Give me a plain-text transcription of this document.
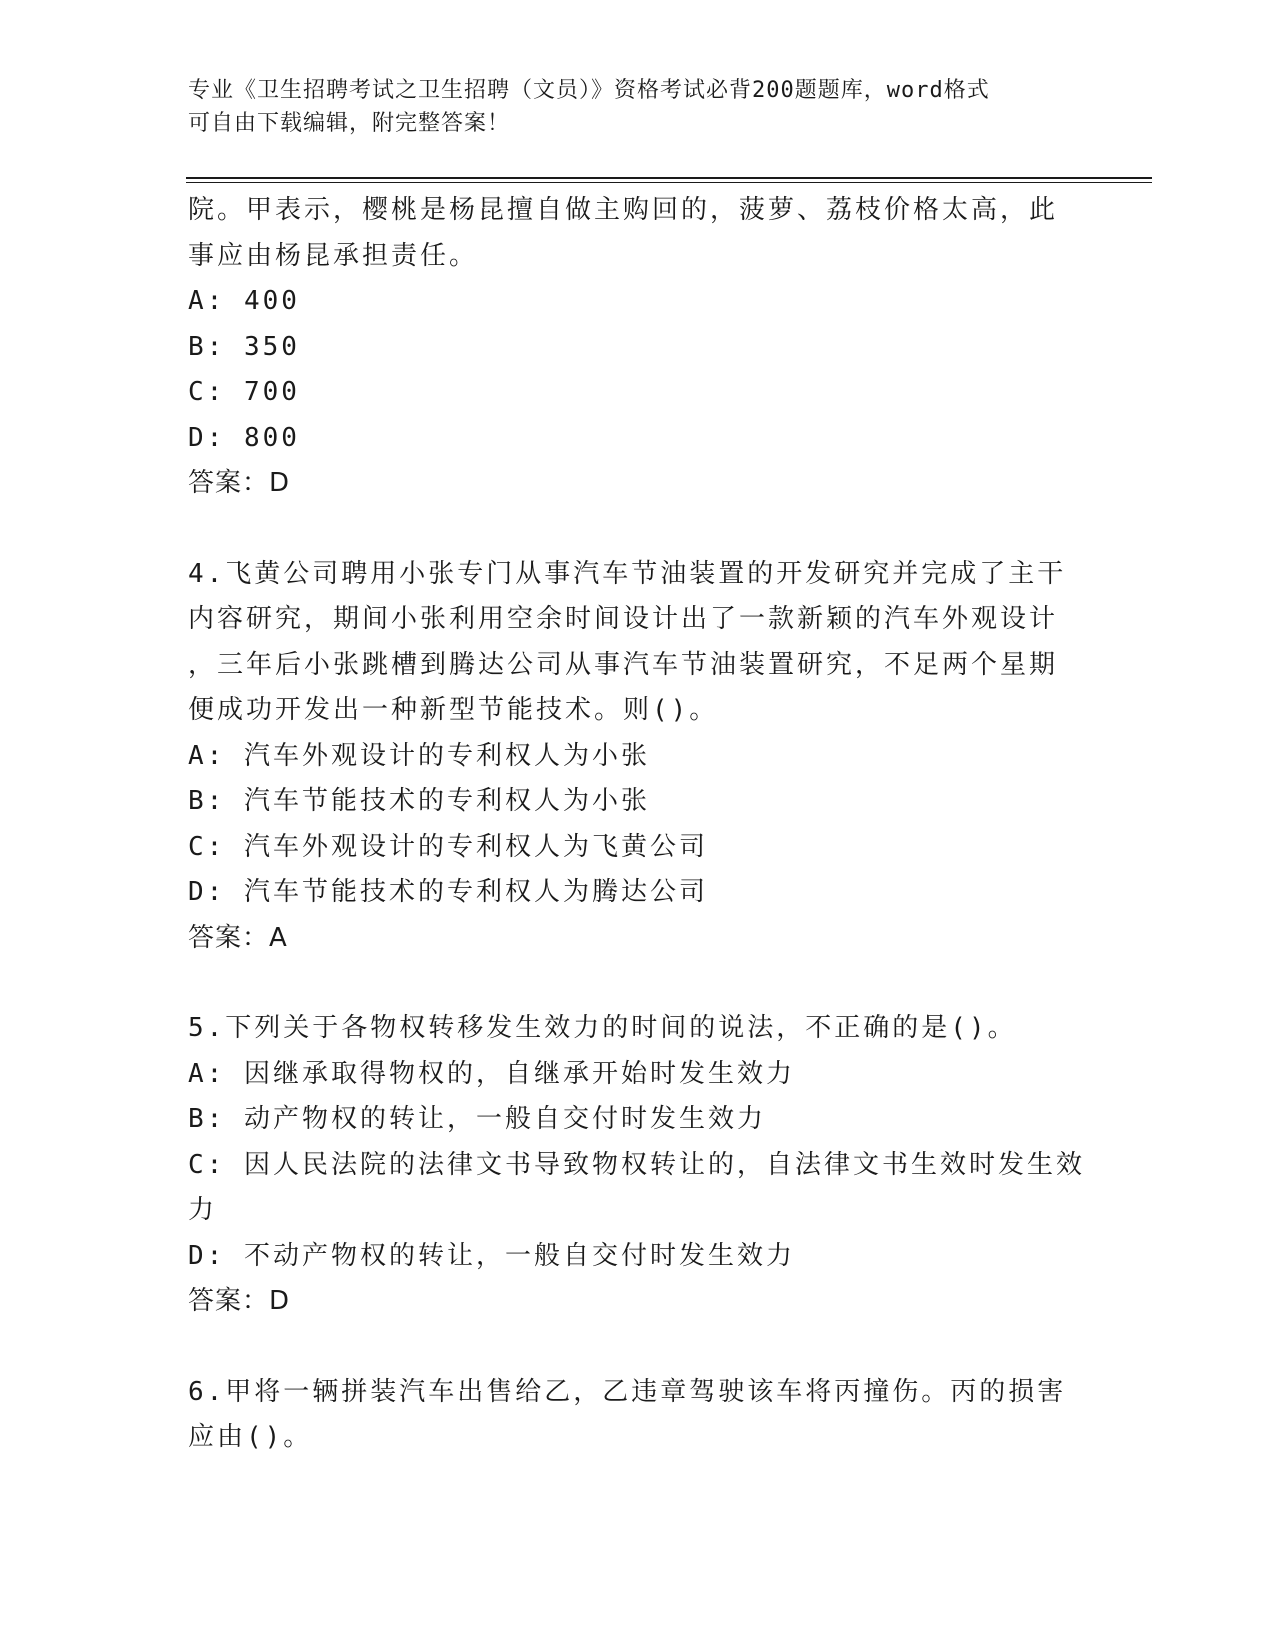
专业《卫生招聘考试之卫生招聘（文员）》资格考试必背200题题库，word格式
可自由下载编辑，附完整答案！
院。甲表示，樱桃是杨昆擅自做主购回的，菠萝、荔枝价格太高，此
事应由杨昆承担责任。
A: 400
B: 350
C: 700
D: 800
答案：D
4.飞黄公司聘用小张专门从事汽车节油装置的开发研究并完成了主干
内容研究，期间小张利用空余时间设计出了一款新颖的汽车外观设计
，三年后小张跳槽到腾达公司从事汽车节油装置研究，不足两个星期
便成功开发出一种新型节能技术。则()。
A: 汽车外观设计的专利权人为小张
B: 汽车节能技术的专利权人为小张
C: 汽车外观设计的专利权人为飞黄公司
D: 汽车节能技术的专利权人为腾达公司
答案：A
5.下列关于各物权转移发生效力的时间的说法，不正确的是()。
A: 因继承取得物权的，自继承开始时发生效力
B: 动产物权的转让，一般自交付时发生效力
C: 因人民法院的法律文书导致物权转让的，自法律文书生效时发生效
力
D: 不动产物权的转让，一般自交付时发生效力
答案：D
6.甲将一辆拼装汽车出售给乙，乙违章驾驶该车将丙撞伤。丙的损害
应由()。
